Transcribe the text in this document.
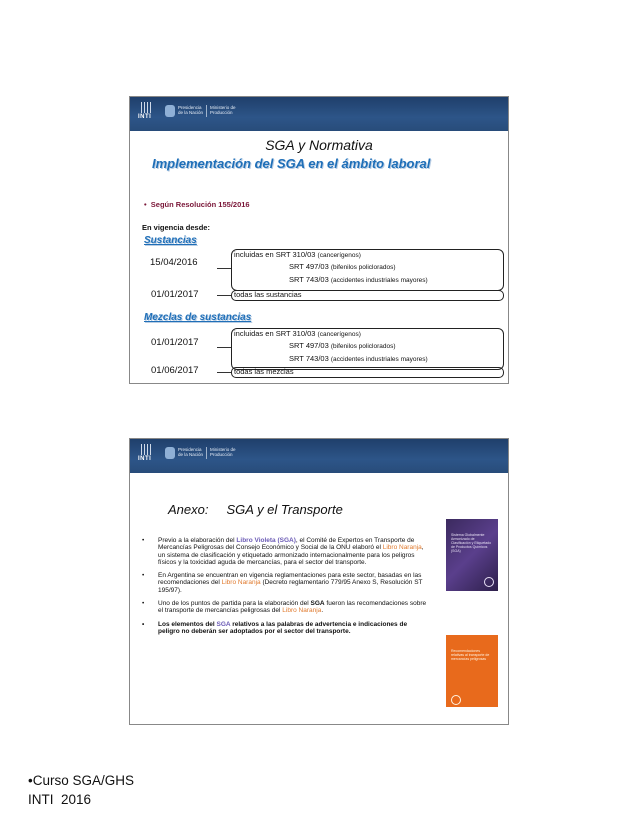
INTI
Presidencia de la Nación
Ministerio de Producción
SGA y Normativa
Implementación del SGA en el ámbito laboral
•  Según Resolución 155/2016
En vigencia desde:
Sustancias
15/04/2016
incluidas en SRT 310/03 (cancerígenos)
SRT 497/03 (bifenilos policlorados)
SRT 743/03 (accidentes industriales mayores)
01/01/2017	todas las sustancias
Mezclas de sustancias
01/01/2017
incluidas en SRT 310/03 (cancerígenos)
SRT 497/03 (bifenilos policlorados)
SRT 743/03 (accidentes industriales mayores)
01/06/2017	todas las mezclas
INTI
Presidencia de la Nación
Ministerio de Producción
Anexo: SGA y el Transporte
• Previo a la elaboración del Libro Violeta (SGA), el Comité de Expertos en Transporte de Mercancías Peligrosas del Consejo Económico y Social de la ONU elaboró el Libro Naranja, un sistema de clasificación y etiquetado armonizado internacionalmente para los peligros físicos y la toxicidad aguda de mercancías, para el sector del transporte.
• En Argentina se encuentran en vigencia reglamentaciones para este sector, basadas en las recomendaciones del Libro Naranja (Decreto reglamentario 779/95 Anexo S, Resolución ST 195/97).
• Uno de los puntos de partida para la elaboración del SGA fueron las recomendaciones sobre el transporte de mercancías peligrosas del Libro Naranja.
• Los elementos del SGA relativos a las palabras de advertencia e indicaciones de peligro no deberán ser adoptados por el sector del transporte.
Sistema Globalmente Armonizado de Clasificación y Etiquetado de Productos Químicos (SGA)
Recomendaciones relativas al transporte de mercancías peligrosas
•Curso SGA/GHS
INTI  2016
